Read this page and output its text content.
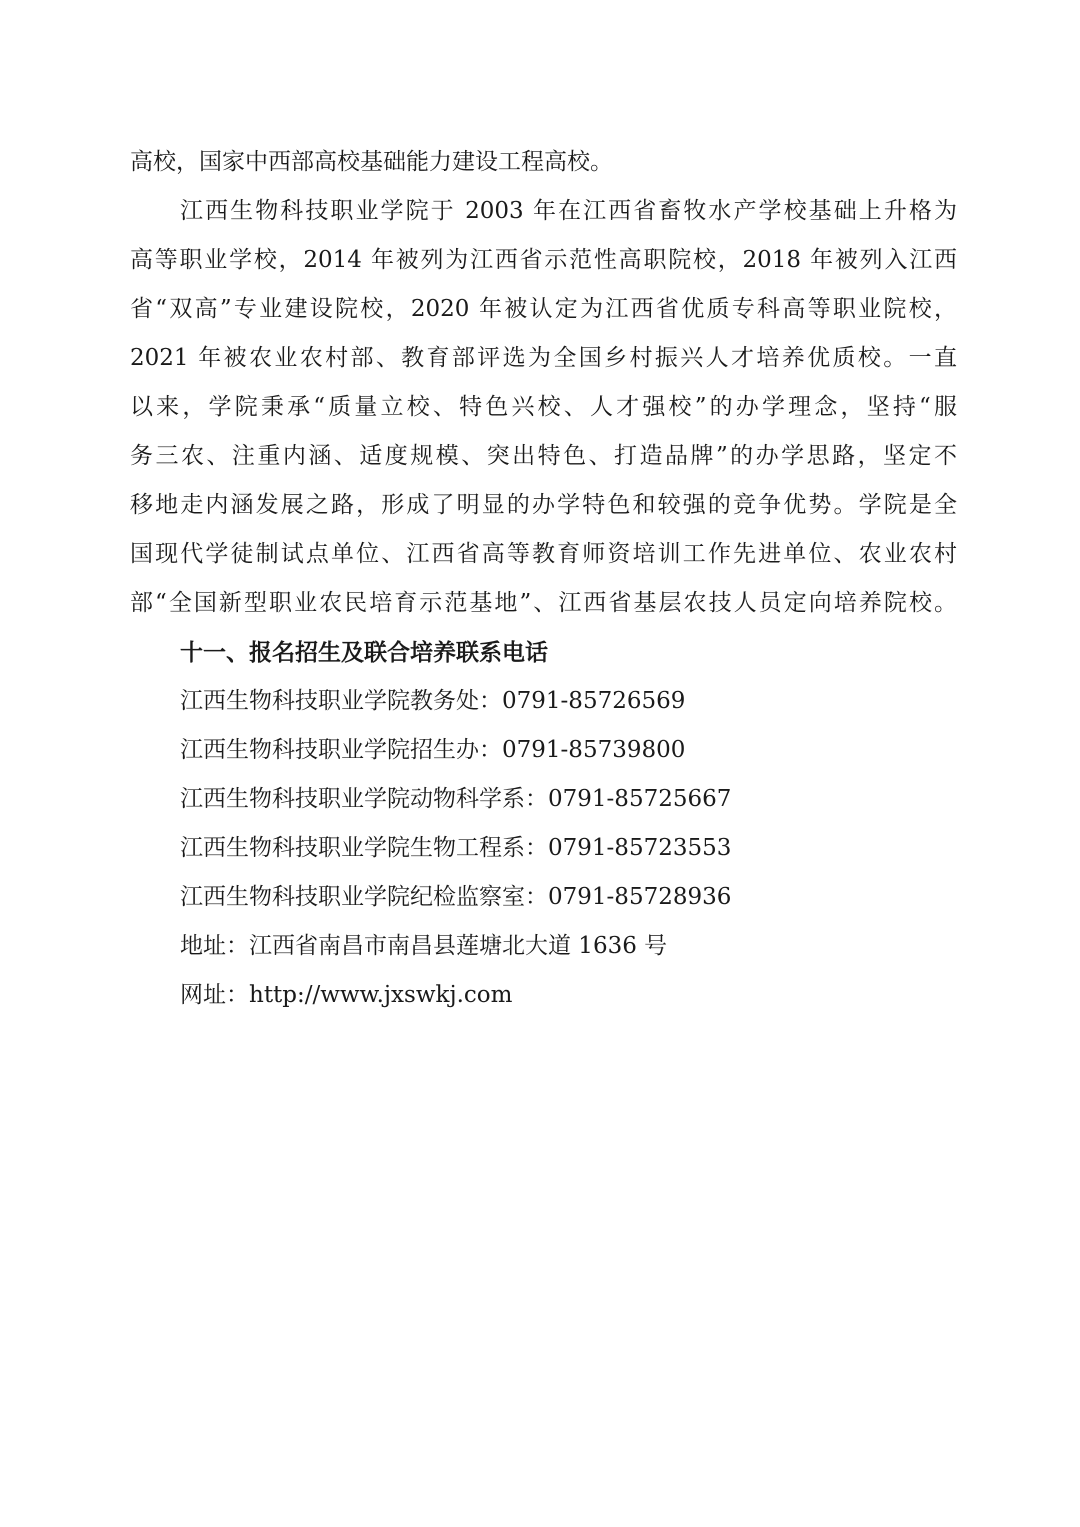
高校，国家中西部高校基础能力建设工程高校。
江西生物科技职业学院于 2003 年在江西省畜牧水产学校基础上升格为
高等职业学校，2014 年被列为江西省示范性高职院校，2018 年被列入江西
省“双高”专业建设院校，2020 年被认定为江西省优质专科高等职业院校，
2021 年被农业农村部、教育部评选为全国乡村振兴人才培养优质校。一直
以来，学院秉承“质量立校、特色兴校、人才强校”的办学理念，坚持“服
务三农、注重内涵、适度规模、突出特色、打造品牌”的办学思路，坚定不
移地走内涵发展之路，形成了明显的办学特色和较强的竞争优势。学院是全
国现代学徒制试点单位、江西省高等教育师资培训工作先进单位、农业农村
部“全国新型职业农民培育示范基地”、江西省基层农技人员定向培养院校。
十一、报名招生及联合培养联系电话
江西生物科技职业学院教务处：0791-85726569
江西生物科技职业学院招生办：0791-85739800
江西生物科技职业学院动物科学系：0791-85725667
江西生物科技职业学院生物工程系：0791-85723553
江西生物科技职业学院纪检监察室：0791-85728936
地址：江西省南昌市南昌县莲塘北大道 1636 号
网址：http://www.jxswkj.com
